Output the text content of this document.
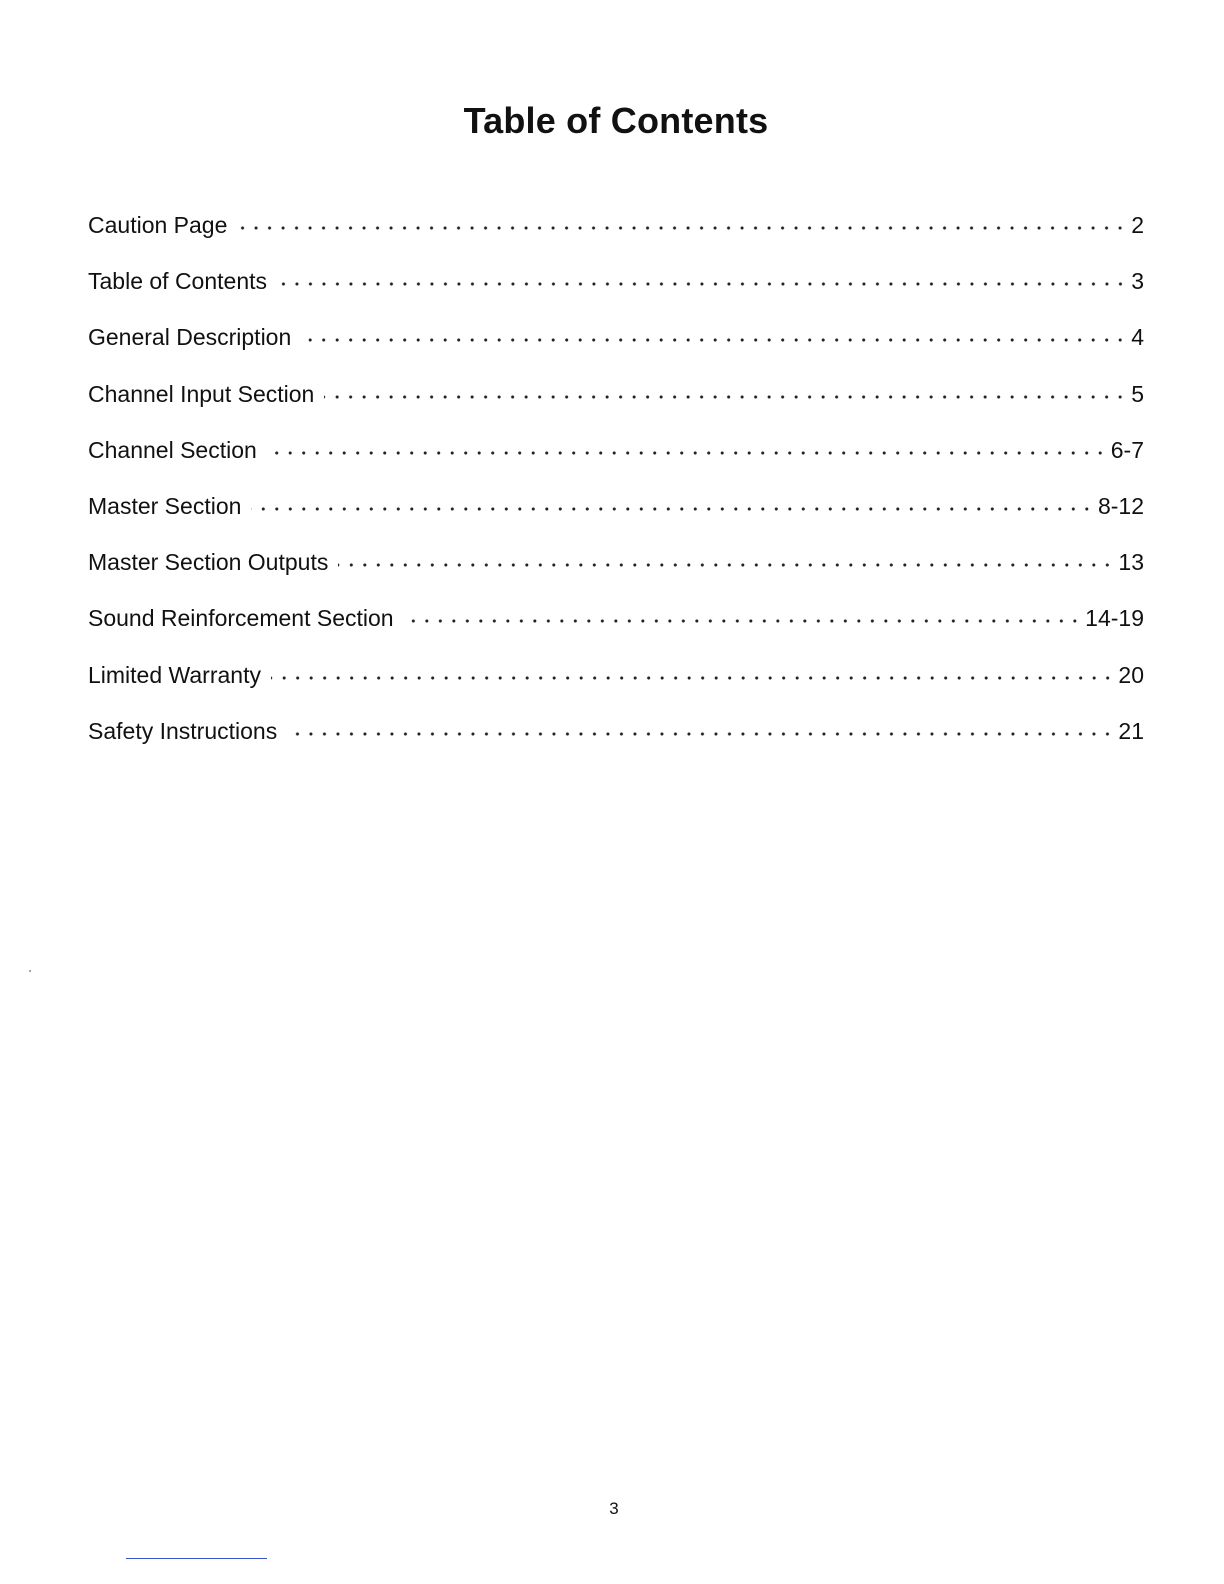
Table of Contents
Caution Page	2
Table of Contents	3
General Description	4
Channel Input Section	5
Channel Section	6-7
Master Section	8-12
Master Section Outputs	13
Sound Reinforcement Section	14-19
Limited Warranty	20
Safety Instructions	21
3
